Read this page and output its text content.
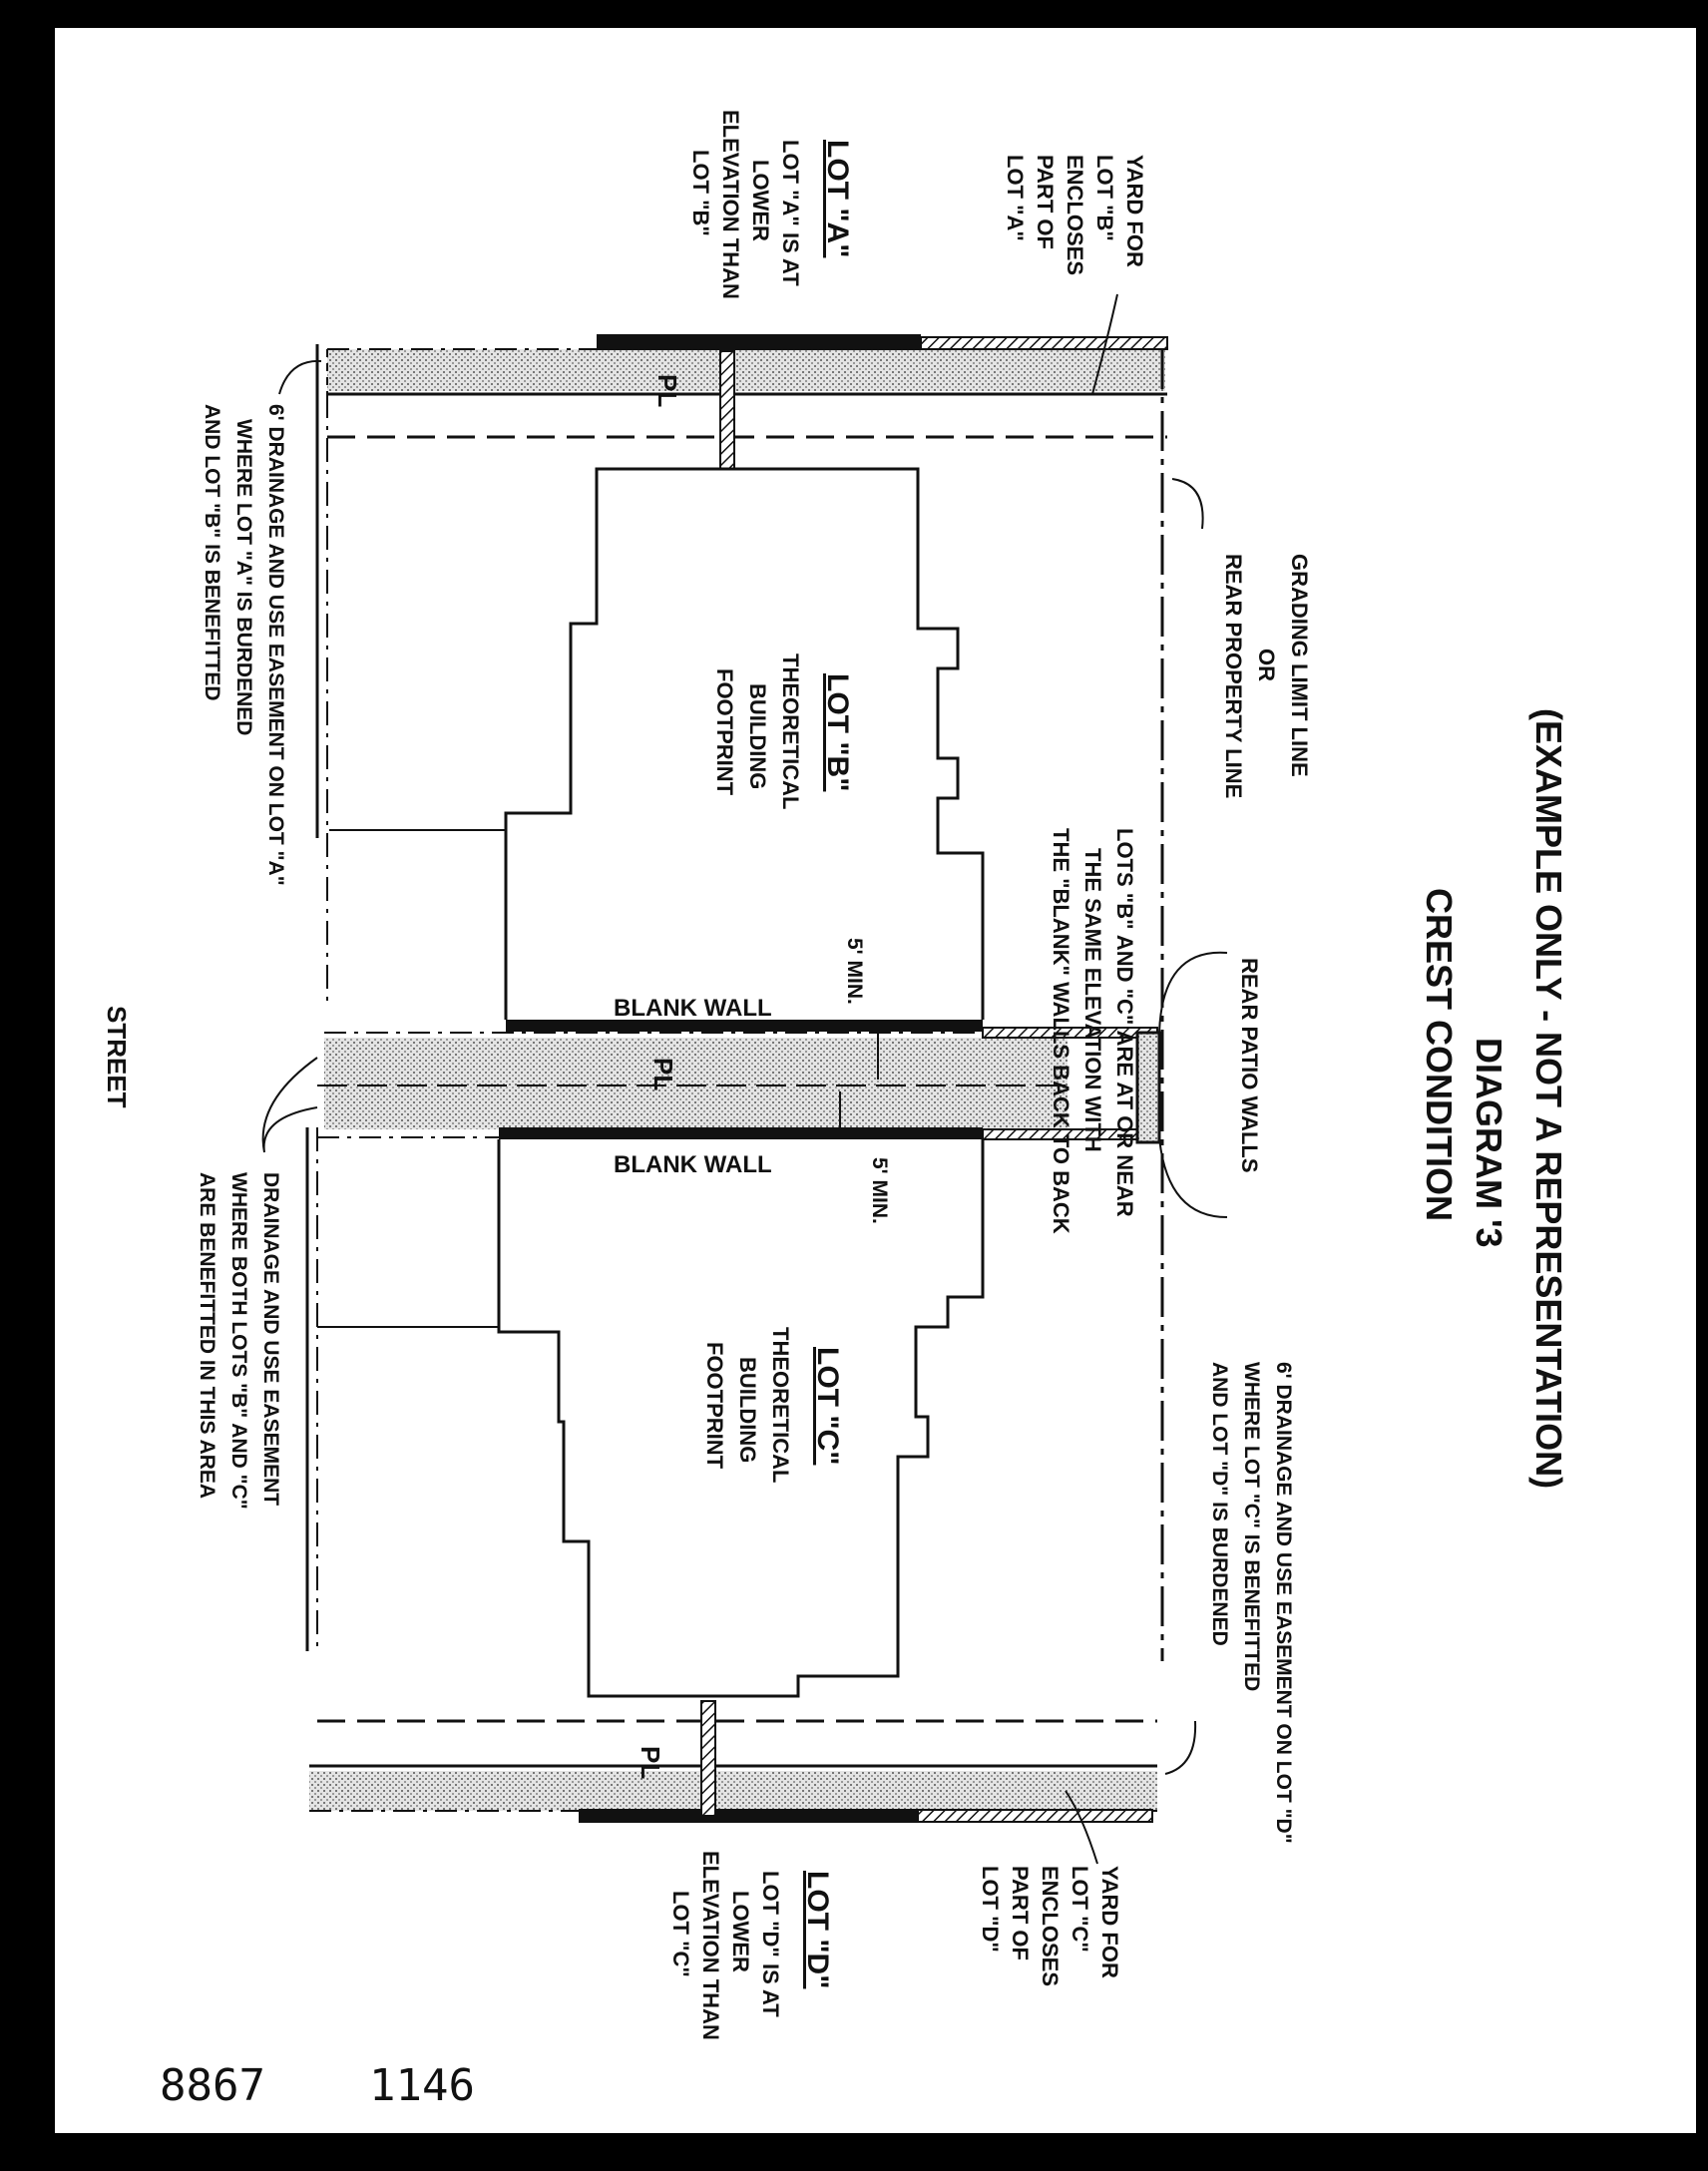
(EXAMPLE ONLY - NOT A REPRESENTATION)
DIAGRAM '3
CREST CONDITION
GRADING LIMIT LINE
OR
REAR PROPERTY LINE
REAR PATIO WALLS
LOTS "B" AND "C" ARE AT OR NEAR
THE SAME ELEVATION WITH
THE "BLANK" WALLS BACK TO BACK
6' DRAINAGE AND USE EASEMENT ON LOT "D"
WHERE LOT "C" IS BENEFITTED
AND LOT "D" IS BURDENED
YARD FOR
LOT "B"
ENCLOSES
PART OF
LOT "A"
YARD FOR
LOT "C"
ENCLOSES
PART OF
LOT "D"
LOT "A"
LOT "A" IS AT
LOWER
ELEVATION THAN
LOT "B"
LOT "B"
THEORETICAL
BUILDING
FOOTPRINT
LOT "C"
THEORETICAL
BUILDING
FOOTPRINT
LOT "D"
LOT "D" IS AT
LOWER
ELEVATION THAN
LOT "C"
BLANK WALL
BLANK WALL
5' MIN.
5' MIN.
PL
PL
PL
6' DRAINAGE AND USE EASEMENT ON LOT "A"
WHERE LOT "A" IS BURDENED
AND LOT "B" IS BENEFITTED
DRAINAGE AND USE EASEMENT
WHERE BOTH LOTS "B" AND "C"
ARE BENEFITTED IN THIS AREA
STREET
8867 1146
